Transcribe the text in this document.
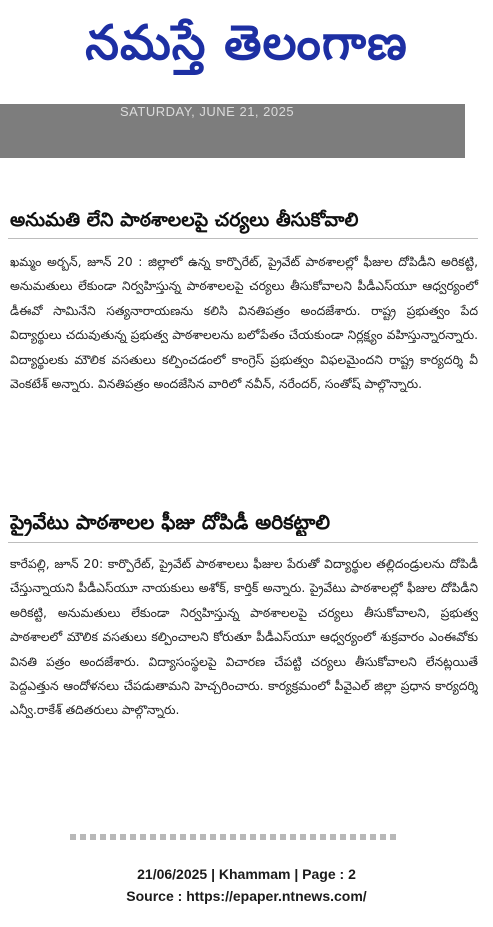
నమస్తే తెలంగాణ
SATURDAY, JUNE 21, 2025
అనుమతి లేని పాఠశాలలపై చర్యలు తీసుకోవాలి
ఖమ్మం అర్బన్, జూన్ 20 : జిల్లాలో ఉన్న కార్పొరేట్, ప్రైవేట్ పాఠశాలల్లో ఫీజుల దోపిడీని అరికట్టి, అనుమతులు లేకుండా నిర్వహిస్తున్న పాఠశాలలపై చర్యలు తీసుకోవాలని పీడీఎస్‌యూ ఆధ్వర్యంలో డీఈవో సామినేని సత్యనారాయణను కలిసి వినతిపత్రం అందజేశారు. రాష్ట్ర ప్రభుత్వం పేద విద్యార్థులు చదువుతున్న ప్రభుత్వ పాఠశాలలను బలోపేతం చేయకుండా నిర్లక్ష్యం వహిస్తున్నారన్నారు. విద్యార్థులకు మౌలిక వసతులు కల్పించడంలో కాంగ్రెస్ ప్రభుత్వం విఫలమైందని రాష్ట్ర కార్యదర్శి వీ వెంకటేశ్ అన్నారు. వినతిపత్రం అందజేసిన వారిలో నవీన్, నరేందర్, సంతోష్ పాల్గొన్నారు.
ప్రైవేటు పాఠశాలల ఫీజు దోపిడీ అరికట్టాలి
కారేపల్లి, జూన్ 20: కార్పొరేట్, ప్రైవేట్ పాఠశాలలు ఫీజుల పేరుతో విద్యార్థుల తల్లిదండ్రులను దోపిడీ చేస్తున్నాయని పీడీఎస్‌యూ నాయకులు అశోక్, కార్తిక్ అన్నారు. ప్రైవేటు పాఠశాలల్లో ఫీజుల దోపిడీని అరికట్టి, అనుమతులు లేకుండా నిర్వహిస్తున్న పాఠశాలలపై చర్యలు తీసుకోవాలని, ప్రభుత్వ పాఠశాలలో మౌలిక వసతులు కల్పించాలని కోరుతూ పీడీఎస్‌యూ ఆధ్వర్యంలో శుక్రవారం ఎంఈవోకు వినతి పత్రం అందజేశారు. విద్యాసంస్థలపై విచారణ చేపట్టి చర్యలు తీసుకోవాలని లేనట్లయితే పెద్దఎత్తున ఆందోళనలు చేపడుతామని హెచ్చరించారు. కార్యక్రమంలో పీవైఎల్ జిల్లా ప్రధాన కార్యదర్శి ఎన్వీ.రాకేశ్ తదితరులు పాల్గొన్నారు.
21/06/2025 | Khammam | Page : 2
Source : https://epaper.ntnews.com/
